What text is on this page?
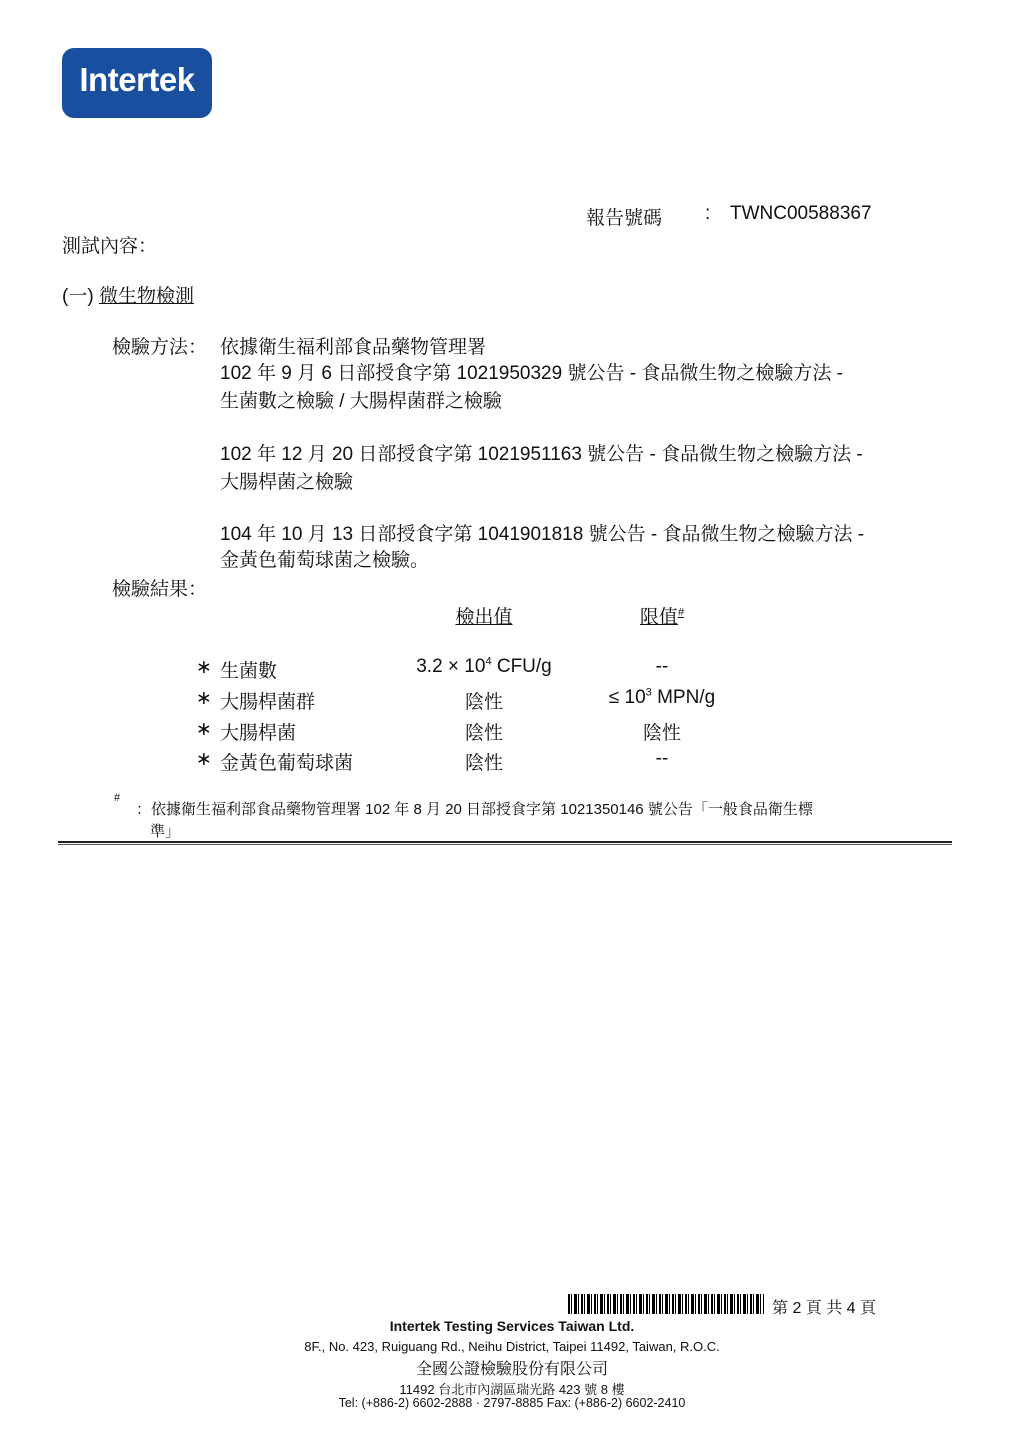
Intertek
報告號碼 : TWNC00588367
測試內容：
(一) 微生物檢測
檢驗方法： 依據衛生福利部食品藥物管理署
102 年 9 月 6 日部授食字第 1021950329 號公告 - 食品微生物之檢驗方法 -
生菌數之檢驗 / 大腸桿菌群之檢驗
102 年 12 月 20 日部授食字第 1021951163 號公告 - 食品微生物之檢驗方法 -
大腸桿菌之檢驗
104 年 10 月 13 日部授食字第 1041901818 號公告 - 食品微生物之檢驗方法 -
金黃色葡萄球菌之檢驗。
檢驗結果：
檢出值	限值#
∗ 生菌數	$3.2 \times 10^4$ CFU/g	--
∗ 大腸桿菌群	陰性	≤ $10^3$ MPN/g
∗ 大腸桿菌	陰性	陰性
∗ 金黃色葡萄球菌	陰性	--
#
：依據衛生福利部食品藥物管理署 102 年 8 月 20 日部授食字第 1021350146 號公告「一般食品衛生標
準」
第 2 頁 共 4 頁
Intertek Testing Services Taiwan Ltd.
8F., No. 423, Ruiguang Rd., Neihu District, Taipei 11492, Taiwan, R.O.C.
全國公證檢驗股份有限公司
11492 台北市內湖區瑞光路 423 號 8 樓
Tel: (+886-2) 6602-2888 · 2797-8885 Fax: (+886-2) 6602-2410
